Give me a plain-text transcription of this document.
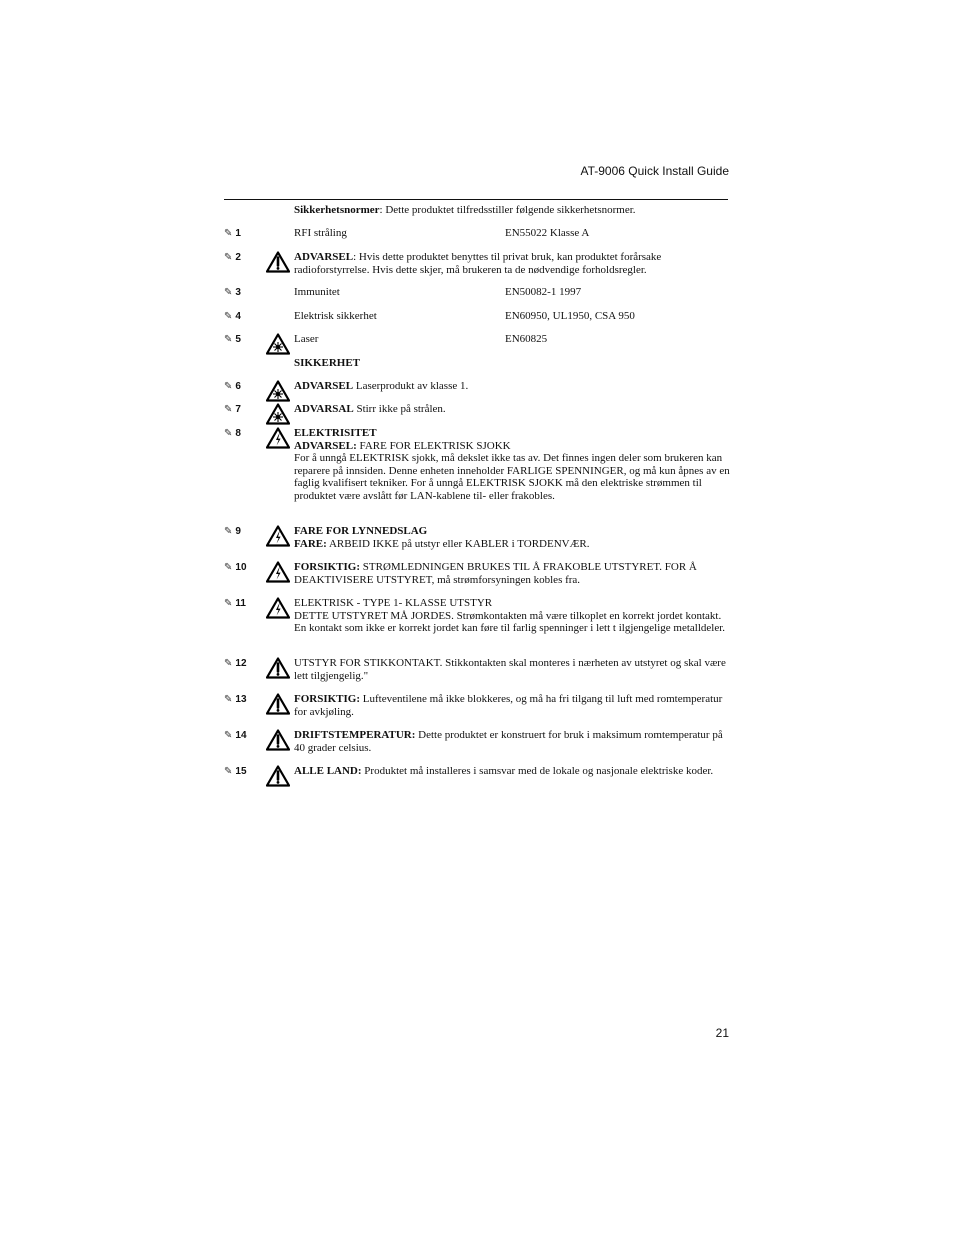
AT-9006 Quick Install Guide
Sikkerhetsnormer: Dette produktet tilfredsstiller følgende sikkerhetsnormer.
✎ 1	RFI stråling	EN55022 Klasse A
✎ 2	ADVARSEL: Hvis dette produktet benyttes til privat bruk, kan produktet forårsake radioforstyrrelse. Hvis dette skjer, må brukeren ta de nødvendige forholdsregler.
✎ 3	Immunitet	EN50082-1 1997
✎ 4	Elektrisk sikkerhet	EN60950, UL1950, CSA 950
✎ 5	Laser	EN60825
SIKKERHET
✎ 6	ADVARSEL Laserprodukt av klasse 1.
✎ 7	ADVARSAL Stirr ikke på strålen.
✎ 8	ELEKTRISITET
ADVARSEL: FARE FOR ELEKTRISK SJOKK
For å unngå ELEKTRISK sjokk, må dekslet ikke tas av. Det finnes ingen deler som brukeren kan reparere på innsiden. Denne enheten inneholder FARLIGE SPENNINGER, og må kun åpnes av en faglig kvalifisert tekniker. For å unngå ELEKTRISK SJOKK må den elektriske strømmen til produktet være avslått før LAN-kablene til- eller frakobles.
✎ 9	FARE FOR LYNNEDSLAG
FARE: ARBEID IKKE på utstyr eller KABLER i TORDENVÆR.
✎ 10	FORSIKTIG: STRØMLEDNINGEN BRUKES TIL Å FRAKOBLE UTSTYRET. FOR Å DEAKTIVISERE UTSTYRET, må strømforsyningen kobles fra.
✎ 11	ELEKTRISK - TYPE 1- KLASSE UTSTYR
DETTE UTSTYRET MÅ JORDES. Strømkontakten må være tilkoplet en korrekt jordet kontakt. En kontakt som ikke er korrekt jordet kan føre til farlig spenninger i lett t ilgjengelige metalldeler.
✎ 12	UTSTYR FOR STIKKONTAKT. Stikkontakten skal monteres i nærheten av utstyret og skal være lett tilgjengelig."
✎ 13	FORSIKTIG: Lufteventilene må ikke blokkeres, og må ha fri tilgang til luft med romtemperatur for avkjøling.
✎ 14	DRIFTSTEMPERATUR: Dette produktet er konstruert for bruk i maksimum romtemperatur på 40 grader celsius.
✎ 15	ALLE LAND: Produktet må installeres i samsvar med de lokale og nasjonale elektriske koder.
21
